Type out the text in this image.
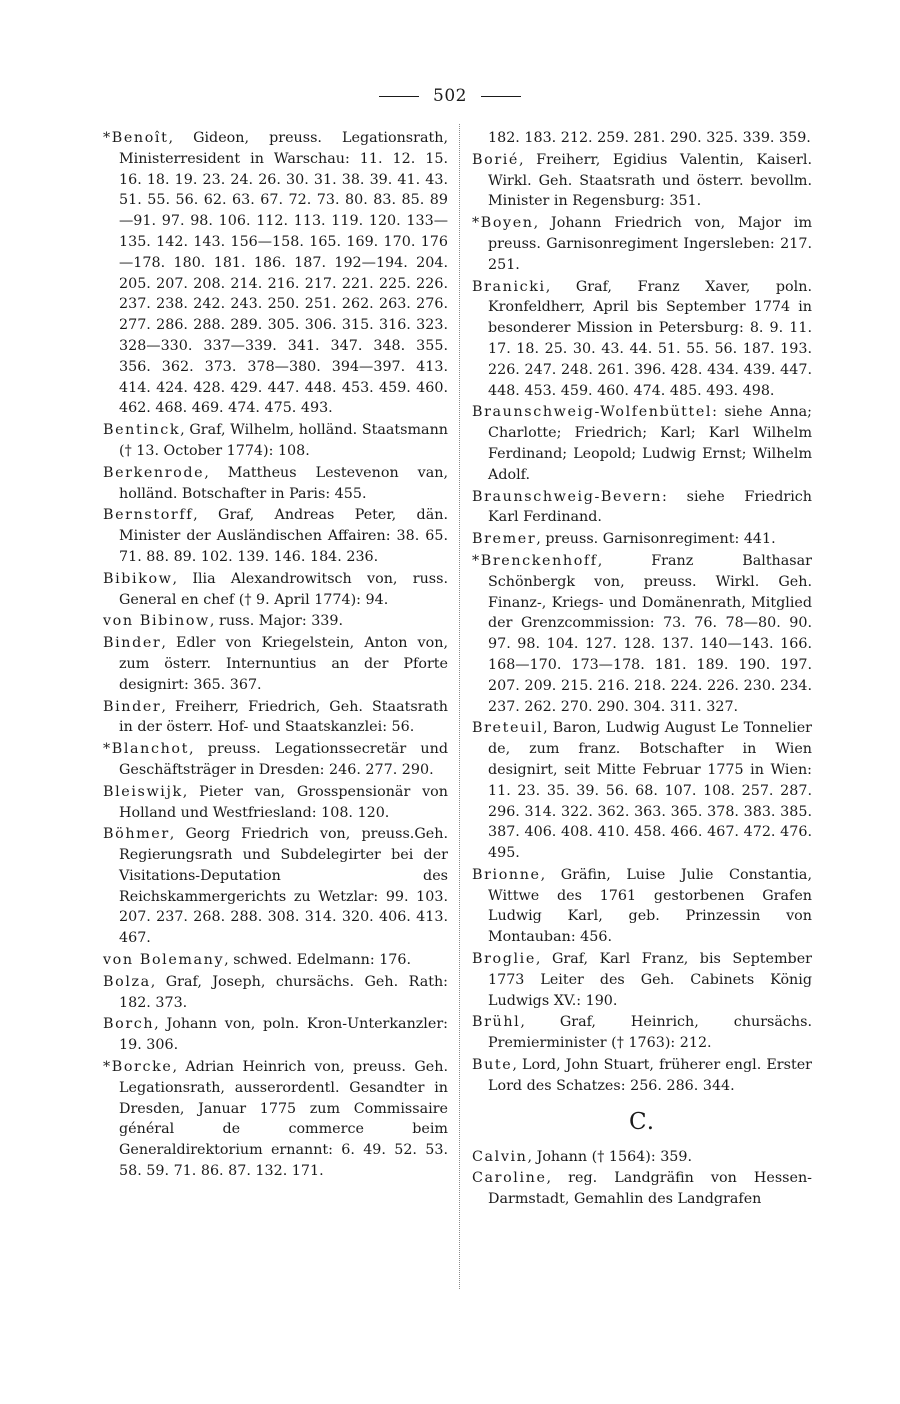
502

*Benoît, Gideon, preuss. Legationsrath, Ministerresident in Warschau: 11. 12. 15. 16. 18. 19. 23. 24. 26. 30. 31. 38. 39. 41. 43. 51. 55. 56. 62. 63. 67. 72. 73. 80. 83. 85. 89—91. 97. 98. 106. 112. 113. 119. 120. 133—135. 142. 143. 156—158. 165. 169. 170. 176—178. 180. 181. 186. 187. 192—194. 204. 205. 207. 208. 214. 216. 217. 221. 225. 226. 237. 238. 242. 243. 250. 251. 262. 263. 276. 277. 286. 288. 289. 305. 306. 315. 316. 323. 328—330. 337—339. 341. 347. 348. 355. 356. 362. 373. 378—380. 394—397. 413. 414. 424. 428. 429. 447. 448. 453. 459. 460. 462. 468. 469. 474. 475. 493.

Bentinck, Graf, Wilhelm, holländ. Staatsmann († 13. October 1774): 108.

Berkenrode, Mattheus Lestevenon van, holländ. Botschafter in Paris: 455.

Bernstorff, Graf, Andreas Peter, dän. Minister der Ausländischen Affairen: 38. 65. 71. 88. 89. 102. 139. 146. 184. 236.

Bibikow, Ilia Alexandrowitsch von, russ. General en chef († 9. April 1774): 94.

von Bibinow, russ. Major: 339.

Binder, Edler von Kriegelstein, Anton von, zum österr. Internuntius an der Pforte designirt: 365. 367.

Binder, Freiherr, Friedrich, Geh. Staatsrath in der österr. Hof- und Staatskanzlei: 56.

*Blanchot, preuss. Legationssecretär und Geschäftsträger in Dresden: 246. 277. 290.

Bleiswijk, Pieter van, Grosspensionär von Holland und Westfriesland: 108. 120.

Böhmer, Georg Friedrich von, preuss.Geh. Regierungsrath und Subdelegirter bei der Visitations-Deputation des Reichskammergerichts zu Wetzlar: 99. 103. 207. 237. 268. 288. 308. 314. 320. 406. 413. 467.

von Bolemany, schwed. Edelmann: 176.

Bolza, Graf, Joseph, chursächs. Geh. Rath: 182. 373.

Borch, Johann von, poln. Kron-Unterkanzler: 19. 306.

*Borcke, Adrian Heinrich von, preuss. Geh. Legationsrath, ausserordentl. Gesandter in Dresden, Januar 1775 zum Commissaire général de commerce beim Generaldirektorium ernannt: 6. 49. 52. 53. 58. 59. 71. 86. 87. 132. 171.

182. 183. 212. 259. 281. 290. 325. 339. 359.

Borié, Freiherr, Egidius Valentin, Kaiserl. Wirkl. Geh. Staatsrath und österr. bevollm. Minister in Regensburg: 351.

*Boyen, Johann Friedrich von, Major im preuss. Garnisonregiment Ingersleben: 217. 251.

Branicki, Graf, Franz Xaver, poln. Kronfeldherr, April bis September 1774 in besonderer Mission in Petersburg: 8. 9. 11. 17. 18. 25. 30. 43. 44. 51. 55. 56. 187. 193. 226. 247. 248. 261. 396. 428. 434. 439. 447. 448. 453. 459. 460. 474. 485. 493. 498.

Braunschweig-Wolfenbüttel: siehe Anna; Charlotte; Friedrich; Karl; Karl Wilhelm Ferdinand; Leopold; Ludwig Ernst; Wilhelm Adolf.

Braunschweig-Bevern: siehe Friedrich Karl Ferdinand.

Bremer, preuss. Garnisonregiment: 441.

*Brenckenhoff, Franz Balthasar Schönbergk von, preuss. Wirkl. Geh. Finanz-, Kriegs- und Domänenrath, Mitglied der Grenzcommission: 73. 76. 78—80. 90. 97. 98. 104. 127. 128. 137. 140—143. 166. 168—170. 173—178. 181. 189. 190. 197. 207. 209. 215. 216. 218. 224. 226. 230. 234. 237. 262. 270. 290. 304. 311. 327.

Breteuil, Baron, Ludwig August Le Tonnelier de, zum franz. Botschafter in Wien designirt, seit Mitte Februar 1775 in Wien: 11. 23. 35. 39. 56. 68. 107. 108. 257. 287. 296. 314. 322. 362. 363. 365. 378. 383. 385. 387. 406. 408. 410. 458. 466. 467. 472. 476. 495.

Brionne, Gräfin, Luise Julie Constantia, Wittwe des 1761 gestorbenen Grafen Ludwig Karl, geb. Prinzessin von Montauban: 456.

Broglie, Graf, Karl Franz, bis September 1773 Leiter des Geh. Cabinets König Ludwigs XV.: 190.

Brühl, Graf, Heinrich, chursächs. Premierminister († 1763): 212.

Bute, Lord, John Stuart, früherer engl. Erster Lord des Schatzes: 256. 286. 344.

C.

Calvin, Johann († 1564): 359.

Caroline, reg. Landgräfin von Hessen-Darmstadt, Gemahlin des Landgrafen
